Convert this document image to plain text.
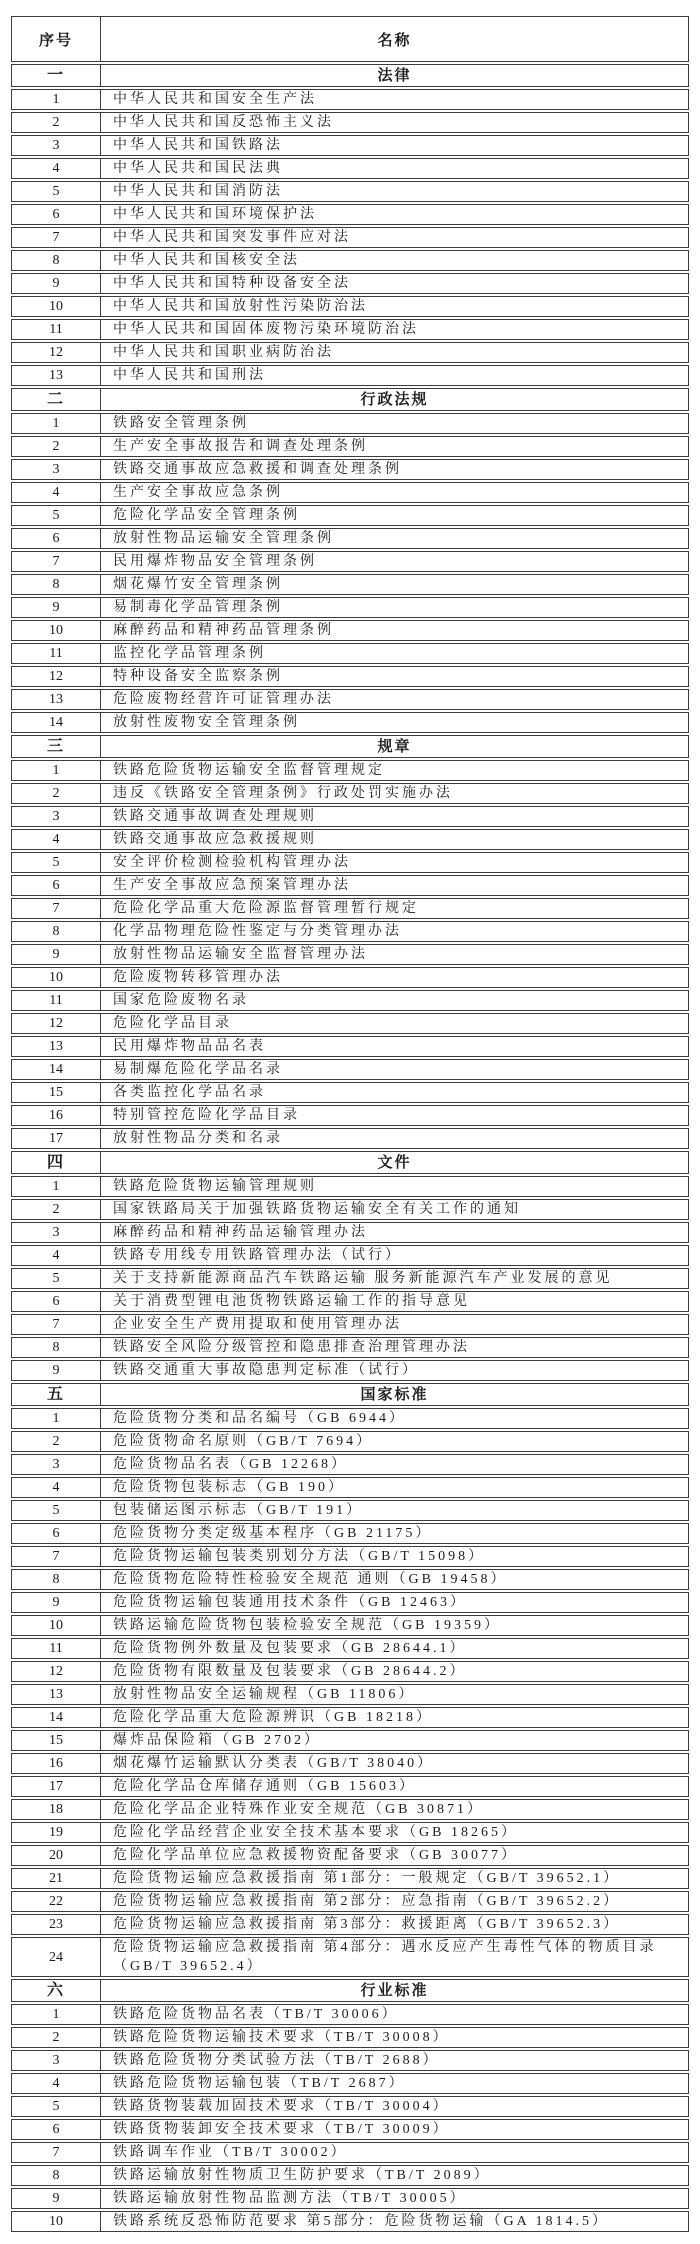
序号	名称
一	法律
1	中华人民共和国安全生产法
2	中华人民共和国反恐怖主义法
3	中华人民共和国铁路法
4	中华人民共和国民法典
5	中华人民共和国消防法
6	中华人民共和国环境保护法
7	中华人民共和国突发事件应对法
8	中华人民共和国核安全法
9	中华人民共和国特种设备安全法
10	中华人民共和国放射性污染防治法
11	中华人民共和国固体废物污染环境防治法
12	中华人民共和国职业病防治法
13	中华人民共和国刑法
二	行政法规
1	铁路安全管理条例
2	生产安全事故报告和调查处理条例
3	铁路交通事故应急救援和调查处理条例
4	生产安全事故应急条例
5	危险化学品安全管理条例
6	放射性物品运输安全管理条例
7	民用爆炸物品安全管理条例
8	烟花爆竹安全管理条例
9	易制毒化学品管理条例
10	麻醉药品和精神药品管理条例
11	监控化学品管理条例
12	特种设备安全监察条例
13	危险废物经营许可证管理办法
14	放射性废物安全管理条例
三	规章
1	铁路危险货物运输安全监督管理规定
2	违反《铁路安全管理条例》行政处罚实施办法
3	铁路交通事故调查处理规则
4	铁路交通事故应急救援规则
5	安全评价检测检验机构管理办法
6	生产安全事故应急预案管理办法
7	危险化学品重大危险源监督管理暂行规定
8	化学品物理危险性鉴定与分类管理办法
9	放射性物品运输安全监督管理办法
10	危险废物转移管理办法
11	国家危险废物名录
12	危险化学品目录
13	民用爆炸物品品名表
14	易制爆危险化学品名录
15	各类监控化学品名录
16	特别管控危险化学品目录
17	放射性物品分类和名录
四	文件
1	铁路危险货物运输管理规则
2	国家铁路局关于加强铁路货物运输安全有关工作的通知
3	麻醉药品和精神药品运输管理办法
4	铁路专用线专用铁路管理办法（试行）
5	关于支持新能源商品汽车铁路运输 服务新能源汽车产业发展的意见
6	关于消费型锂电池货物铁路运输工作的指导意见
7	企业安全生产费用提取和使用管理办法
8	铁路安全风险分级管控和隐患排查治理管理办法
9	铁路交通重大事故隐患判定标准（试行）
五	国家标准
1	危险货物分类和品名编号（GB 6944）
2	危险货物命名原则（GB/T 7694）
3	危险货物品名表（GB 12268）
4	危险货物包装标志（GB 190）
5	包装储运图示标志（GB/T 191）
6	危险货物分类定级基本程序（GB 21175）
7	危险货物运输包装类别划分方法（GB/T 15098）
8	危险货物危险特性检验安全规范 通则（GB 19458）
9	危险货物运输包装通用技术条件（GB 12463）
10	铁路运输危险货物包装检验安全规范（GB 19359）
11	危险货物例外数量及包装要求（GB 28644.1）
12	危险货物有限数量及包装要求（GB 28644.2）
13	放射性物品安全运输规程（GB 11806）
14	危险化学品重大危险源辨识（GB 18218）
15	爆炸品保险箱（GB 2702）
16	烟花爆竹运输默认分类表（GB/T 38040）
17	危险化学品仓库储存通则（GB 15603）
18	危险化学品企业特殊作业安全规范（GB 30871）
19	危险化学品经营企业安全技术基本要求（GB 18265）
20	危险化学品单位应急救援物资配备要求（GB 30077）
21	危险货物运输应急救援指南 第1部分：一般规定（GB/T 39652.1）
22	危险货物运输应急救援指南 第2部分：应急指南（GB/T 39652.2）
23	危险货物运输应急救援指南 第3部分：救援距离（GB/T 39652.3）
24	危险货物运输应急救援指南 第4部分：遇水反应产生毒性气体的物质目录（GB/T 39652.4）
六	行业标准
1	铁路危险货物品名表（TB/T 30006）
2	铁路危险货物运输技术要求（TB/T 30008）
3	铁路危险货物分类试验方法（TB/T 2688）
4	铁路危险货物运输包装（TB/T 2687）
5	铁路货物装载加固技术要求（TB/T 30004）
6	铁路货物装卸安全技术要求（TB/T 30009）
7	铁路调车作业（TB/T 30002）
8	铁路运输放射性物质卫生防护要求（TB/T 2089）
9	铁路运输放射性物品监测方法（TB/T 30005）
10	铁路系统反恐怖防范要求 第5部分：危险货物运输（GA 1814.5）
